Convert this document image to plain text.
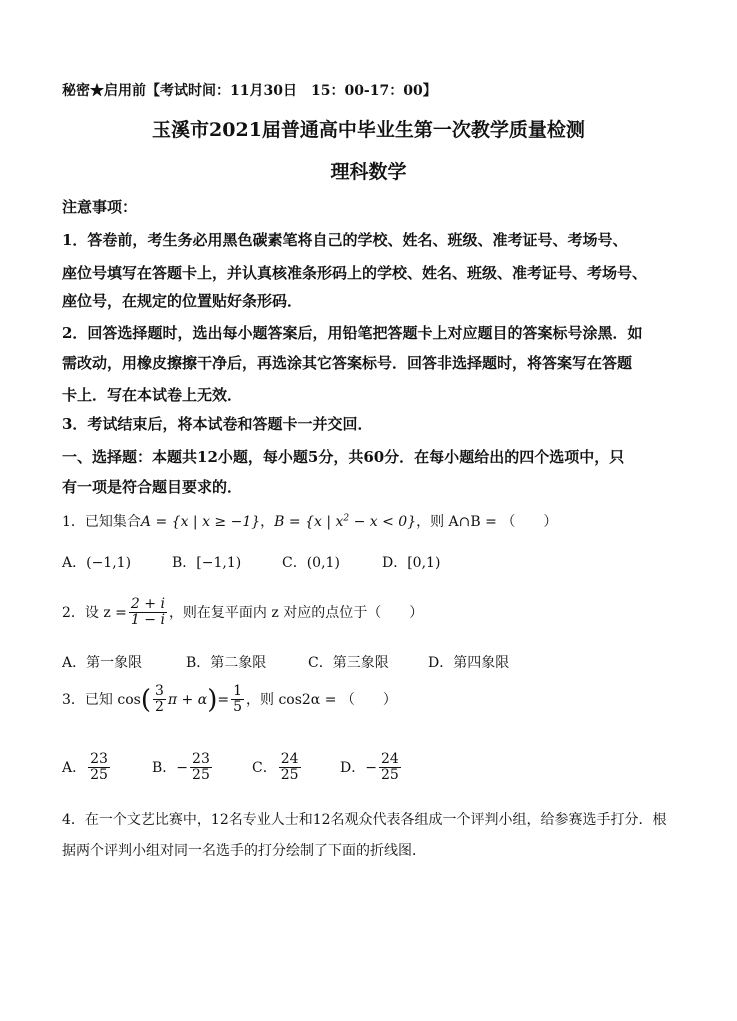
秘密★启用前【考试时间：11月30日　15：00-17：00】
玉溪市2021届普通高中毕业生第一次教学质量检测
理科数学
注意事项：
1．答卷前，考生务必用黑色碳素笔将自己的学校、姓名、班级、准考证号、考场号、
座位号填写在答题卡上，并认真核准条形码上的学校、姓名、班级、准考证号、考场号、
座位号，在规定的位置贴好条形码．
2．回答选择题时，选出每小题答案后，用铅笔把答题卡上对应题目的答案标号涂黑．如
需改动，用橡皮擦擦干净后，再选涂其它答案标号．回答非选择题时，将答案写在答题
卡上．写在本试卷上无效．
3．考试结束后，将本试卷和答题卡一并交回．
一、选择题：本题共12小题，每小题5分，共60分．在每小题给出的四个选项中，只
有一项是符合题目要求的．
1．已知集合A = {x | x ≥ −1}，B = {x | $x^2 - x < 0$}，则 A∩B = （　　）
A．(−1,1)	B．[−1,1)	C．(0,1)	D．[0,1)
2．设 $z = \frac{2 + i}{1 - i}$ ，则在复平面内 z 对应的点位于（　　）
A．第一象限	B．第二象限	C．第三象限	D．第四象限
3．已知 $\cos( \frac{3}{2}$ $\pi + \alpha)= \frac{1}{5}$ ，则 cos2α = （　　）
A． $\frac{23}{25}$	B．− $\frac{23}{25}$	C． $\frac{24}{25}$	D．− $\frac{24}{25}$
4．在一个文艺比赛中，12名专业人士和12名观众代表各组成一个评判小组，给参赛选手打分．根
据两个评判小组对同一名选手的打分绘制了下面的折线图．
